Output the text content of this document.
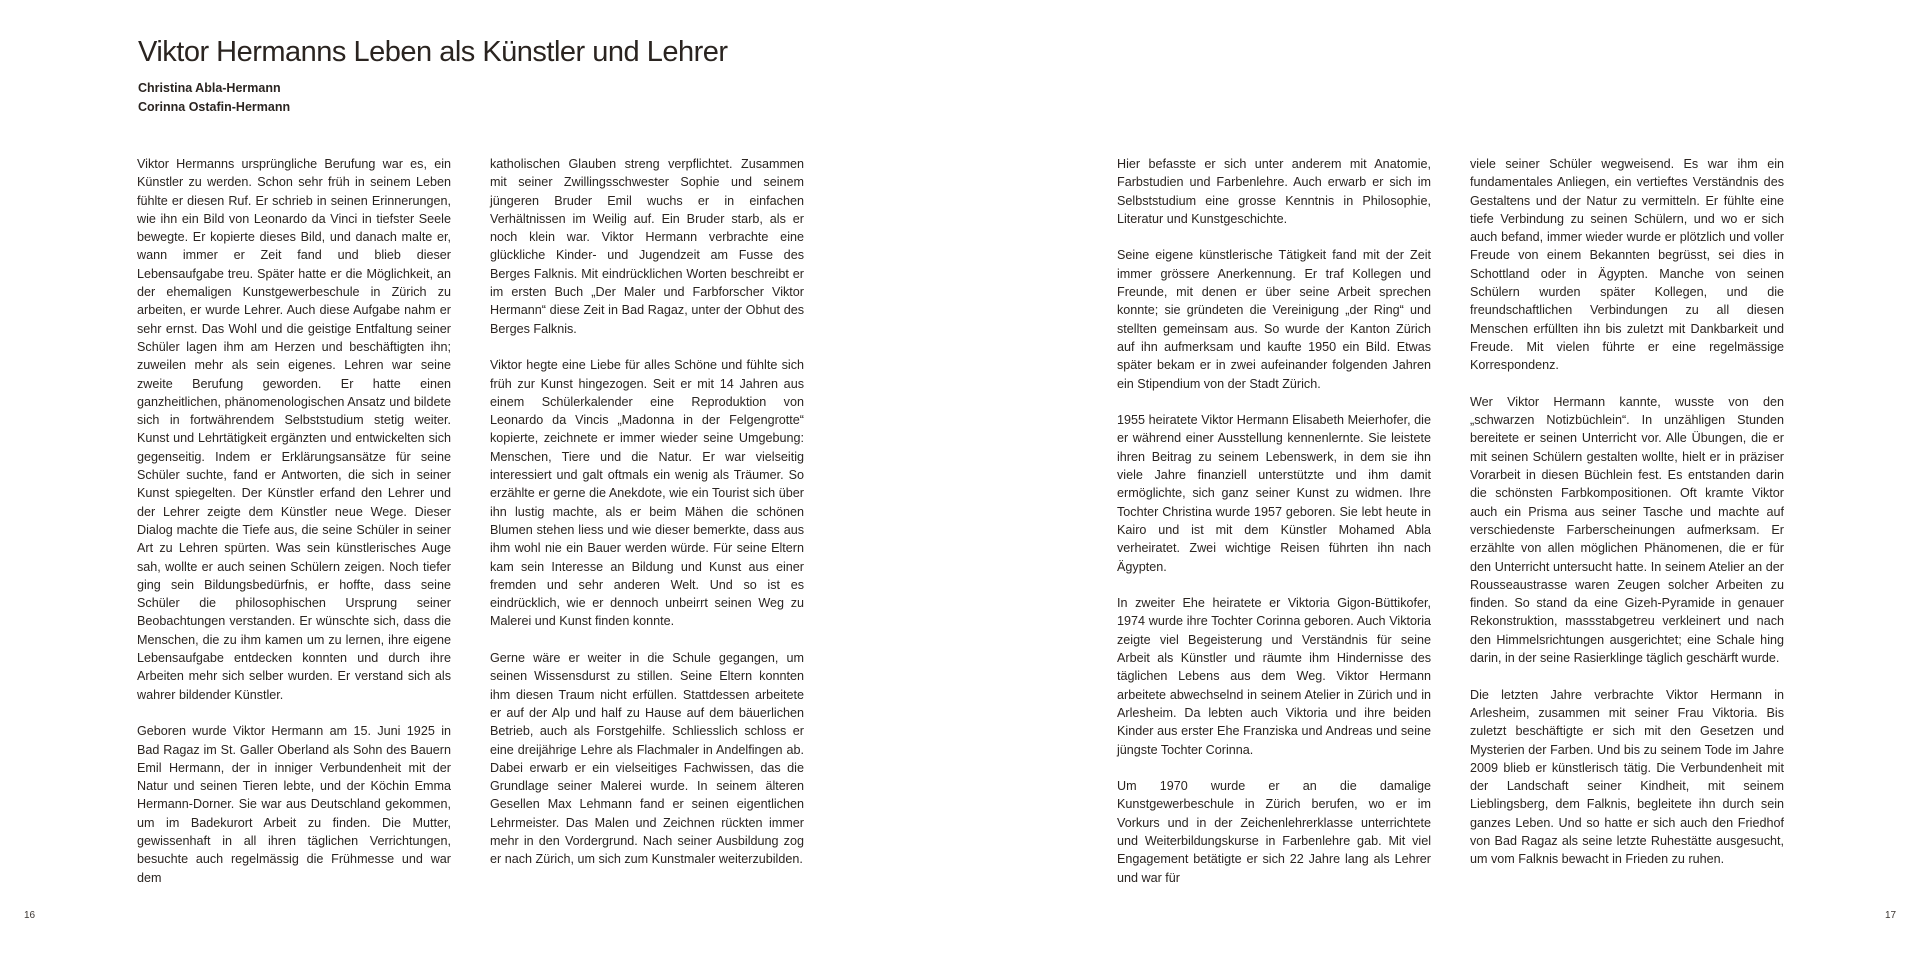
Viktor Hermanns Leben als Künstler und Lehrer
Christina Abla-Hermann
Corinna Ostafin-Hermann

Viktor Hermanns ursprüngliche Berufung war es, ein Künstler zu werden. Schon sehr früh in seinem Leben fühlte er diesen Ruf. Er schrieb in seinen Erinnerungen, wie ihn ein Bild von Leonardo da Vinci in tiefster Seele bewegte. Er kopierte dieses Bild, und danach malte er, wann immer er Zeit fand und blieb dieser Lebensaufgabe treu. Später hatte er die Möglichkeit, an der ehemaligen Kunstgewerbeschule in Zürich zu arbeiten, er wurde Lehrer. Auch diese Aufgabe nahm er sehr ernst. Das Wohl und die geistige Entfaltung seiner Schüler lagen ihm am Herzen und beschäftigten ihn; zuweilen mehr als sein eigenes. Lehren war seine zweite Berufung geworden. Er hatte einen ganzheitlichen, phänomenologischen Ansatz und bildete sich in fortwährendem Selbststudium stetig weiter. Kunst und Lehrtätigkeit ergänzten und entwickelten sich gegenseitig. Indem er Erklärungsansätze für seine Schüler suchte, fand er Antworten, die sich in seiner Kunst spiegelten. Der Künstler erfand den Lehrer und der Lehrer zeigte dem Künstler neue Wege. Dieser Dialog machte die Tiefe aus, die seine Schüler in seiner Art zu Lehren spürten. Was sein künstlerisches Auge sah, wollte er auch seinen Schülern zeigen. Noch tiefer ging sein Bildungsbedürfnis, er hoffte, dass seine Schüler die philosophischen Ursprung seiner Beobachtungen verstanden. Er wünschte sich, dass die Menschen, die zu ihm kamen um zu lernen, ihre eigene Lebensaufgabe entdecken konnten und durch ihre Arbeiten mehr sich selber wurden. Er verstand sich als wahrer bildender Künstler.

Geboren wurde Viktor Hermann am 15. Juni 1925 in Bad Ragaz im St. Galler Oberland als Sohn des Bauern Emil Hermann, der in inniger Verbundenheit mit der Natur und seinen Tieren lebte, und der Köchin Emma Hermann-Dorner. Sie war aus Deutschland gekommen, um im Badekurort Arbeit zu finden. Die Mutter, gewissenhaft in all ihren täglichen Verrichtungen, besuchte auch regelmässig die Frühmesse und war dem

katholischen Glauben streng verpflichtet. Zusammen mit seiner Zwillingsschwester Sophie und seinem jüngeren Bruder Emil wuchs er in einfachen Verhältnissen im Weilig auf. Ein Bruder starb, als er noch klein war. Viktor Hermann verbrachte eine glückliche Kinder- und Jugendzeit am Fusse des Berges Falknis. Mit eindrücklichen Worten beschreibt er im ersten Buch „Der Maler und Farbforscher Viktor Hermann“ diese Zeit in Bad Ragaz, unter der Obhut des Berges Falknis.

Viktor hegte eine Liebe für alles Schöne und fühlte sich früh zur Kunst hingezogen. Seit er mit 14 Jahren aus einem Schülerkalender eine Reproduktion von Leonardo da Vincis „Madonna in der Felgengrotte“ kopierte, zeichnete er immer wieder seine Umgebung: Menschen, Tiere und die Natur. Er war vielseitig interessiert und galt oftmals ein wenig als Träumer. So erzählte er gerne die Anekdote, wie ein Tourist sich über ihn lustig machte, als er beim Mähen die schönen Blumen stehen liess und wie dieser bemerkte, dass aus ihm wohl nie ein Bauer werden würde. Für seine Eltern kam sein Interesse an Bildung und Kunst aus einer fremden und sehr anderen Welt. Und so ist es eindrücklich, wie er dennoch unbeirrt seinen Weg zu Malerei und Kunst finden konnte.

Gerne wäre er weiter in die Schule gegangen, um seinen Wissensdurst zu stillen. Seine Eltern konnten ihm diesen Traum nicht erfüllen. Stattdessen arbeitete er auf der Alp und half zu Hause auf dem bäuerlichen Betrieb, auch als Forstgehilfe. Schliesslich schloss er eine dreijährige Lehre als Flachmaler in Andelfingen ab. Dabei erwarb er ein vielseitiges Fachwissen, das die Grundlage seiner Malerei wurde. In seinem älteren Gesellen Max Lehmann fand er seinen eigentlichen Lehrmeister. Das Malen und Zeichnen rückten immer mehr in den Vordergrund. Nach seiner Ausbildung zog er nach Zürich, um sich zum Kunstmaler weiterzubilden.

16

Hier befasste er sich unter anderem mit Anatomie, Farbstudien und Farbenlehre. Auch erwarb er sich im Selbststudium eine grosse Kenntnis in Philosophie, Literatur und Kunstgeschichte.

Seine eigene künstlerische Tätigkeit fand mit der Zeit immer grössere Anerkennung. Er traf Kollegen und Freunde, mit denen er über seine Arbeit sprechen konnte; sie gründeten die Vereinigung „der Ring“ und stellten gemeinsam aus. So wurde der Kanton Zürich auf ihn aufmerksam und kaufte 1950 ein Bild. Etwas später bekam er in zwei aufeinander folgenden Jahren ein Stipendium von der Stadt Zürich.

1955 heiratete Viktor Hermann Elisabeth Meierhofer, die er während einer Ausstellung kennenlernte. Sie leistete ihren Beitrag zu seinem Lebenswerk, in dem sie ihn viele Jahre finanziell unterstützte und ihm damit ermöglichte, sich ganz seiner Kunst zu widmen. Ihre Tochter Christina wurde 1957 geboren. Sie lebt heute in Kairo und ist mit dem Künstler Mohamed Abla verheiratet. Zwei wichtige Reisen führten ihn nach Ägypten.

In zweiter Ehe heiratete er Viktoria Gigon-Büttikofer, 1974 wurde ihre Tochter Corinna geboren. Auch Viktoria zeigte viel Begeisterung und Verständnis für seine Arbeit als Künstler und räumte ihm Hindernisse des täglichen Lebens aus dem Weg. Viktor Hermann arbeitete abwechselnd in seinem Atelier in Zürich und in Arlesheim. Da lebten auch Viktoria und ihre beiden Kinder aus erster Ehe Franziska und Andreas und seine jüngste Tochter Corinna.

Um 1970 wurde er an die damalige Kunstgewerbeschule in Zürich berufen, wo er im Vorkurs und in der Zeichenlehrerklasse unterrichtete und Weiterbildungskurse in Farbenlehre gab. Mit viel Engagement betätigte er sich 22 Jahre lang als Lehrer und war für

viele seiner Schüler wegweisend. Es war ihm ein fundamentales Anliegen, ein vertieftes Verständnis des Gestaltens und der Natur zu vermitteln. Er fühlte eine tiefe Verbindung zu seinen Schülern, und wo er sich auch befand, immer wieder wurde er plötzlich und voller Freude von einem Bekannten begrüsst, sei dies in Schottland oder in Ägypten. Manche von seinen Schülern wurden später Kollegen, und die freundschaftlichen Verbindungen zu all diesen Menschen erfüllten ihn bis zuletzt mit Dankbarkeit und Freude. Mit vielen führte er eine regelmässige Korrespondenz.

Wer Viktor Hermann kannte, wusste von den „schwarzen Notizbüchlein“. In unzähligen Stunden bereitete er seinen Unterricht vor. Alle Übungen, die er mit seinen Schülern gestalten wollte, hielt er in präziser Vorarbeit in diesen Büchlein fest. Es entstanden darin die schönsten Farbkompositionen. Oft kramte Viktor auch ein Prisma aus seiner Tasche und machte auf verschiedenste Farberscheinungen aufmerksam. Er erzählte von allen möglichen Phänomenen, die er für den Unterricht untersucht hatte. In seinem Atelier an der Rousseaustrasse waren Zeugen solcher Arbeiten zu finden. So stand da eine Gizeh-Pyramide in genauer Rekonstruktion, massstabgetreu verkleinert und nach den Himmelsrichtungen ausgerichtet; eine Schale hing darin, in der seine Rasierklinge täglich geschärft wurde.

Die letzten Jahre verbrachte Viktor Hermann in Arlesheim, zusammen mit seiner Frau Viktoria. Bis zuletzt beschäftigte er sich mit den Gesetzen und Mysterien der Farben. Und bis zu seinem Tode im Jahre 2009 blieb er künstlerisch tätig. Die Verbundenheit mit der Landschaft seiner Kindheit, mit seinem Lieblingsberg, dem Falknis, begleitete ihn durch sein ganzes Leben. Und so hatte er sich auch den Friedhof von Bad Ragaz als seine letzte Ruhestätte ausgesucht, um vom Falknis bewacht in Frieden zu ruhen.

17
